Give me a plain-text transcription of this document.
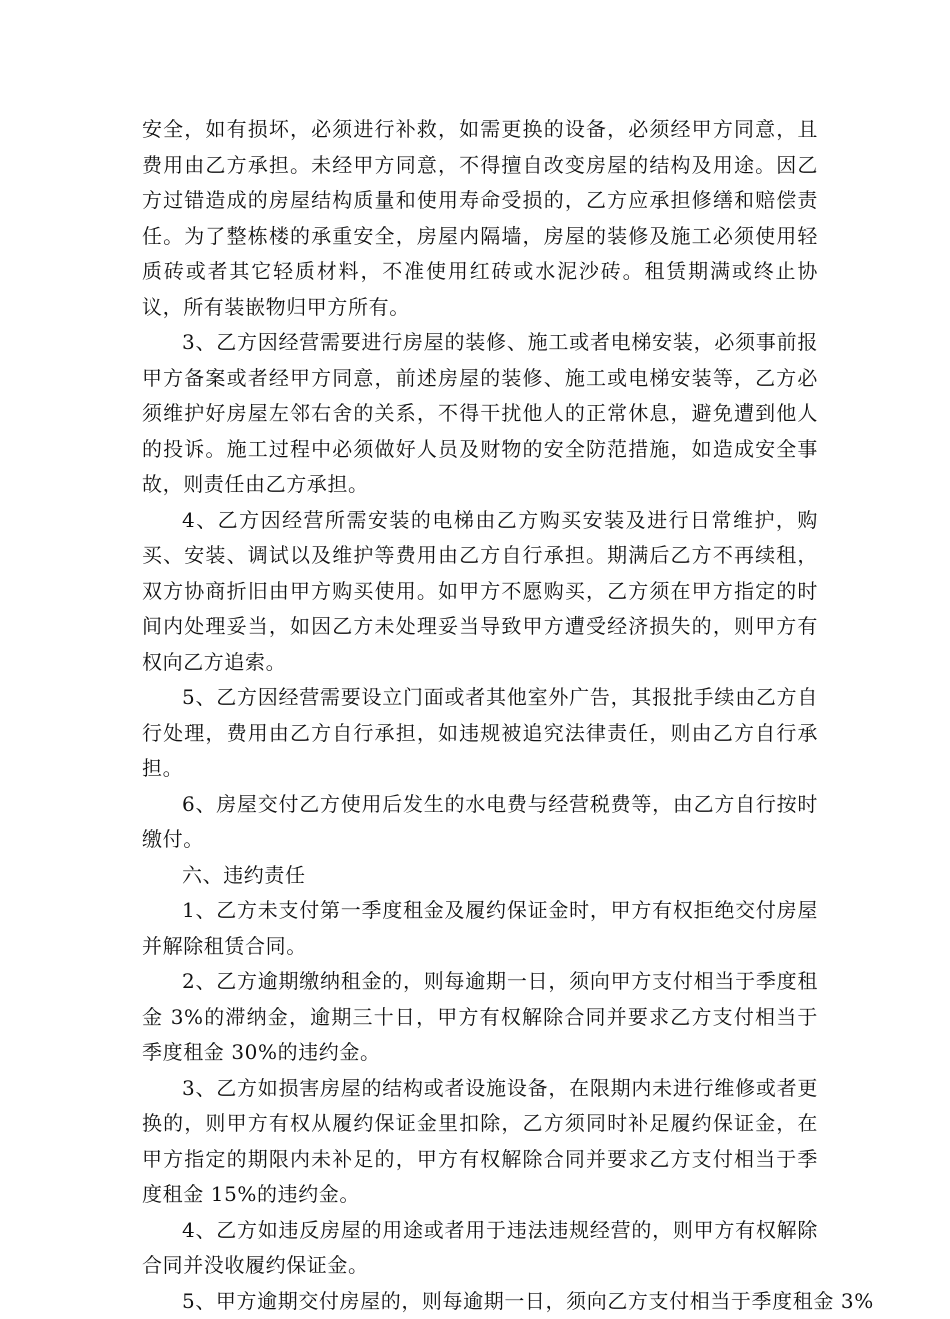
安全，如有损坏，必须进行补救，如需更换的设备，必须经甲方同意，且费用由乙方承担。未经甲方同意，不得擅自改变房屋的结构及用途。因乙方过错造成的房屋结构质量和使用寿命受损的，乙方应承担修缮和赔偿责任。为了整栋楼的承重安全，房屋内隔墙，房屋的装修及施工必须使用轻质砖或者其它轻质材料，不准使用红砖或水泥沙砖。租赁期满或终止协议，所有装嵌物归甲方所有。

3、乙方因经营需要进行房屋的装修、施工或者电梯安装，必须事前报甲方备案或者经甲方同意，前述房屋的装修、施工或电梯安装等，乙方必须维护好房屋左邻右舍的关系，不得干扰他人的正常休息，避免遭到他人的投诉。施工过程中必须做好人员及财物的安全防范措施，如造成安全事故，则责任由乙方承担。

4、乙方因经营所需安装的电梯由乙方购买安装及进行日常维护，购买、安装、调试以及维护等费用由乙方自行承担。期满后乙方不再续租，双方协商折旧由甲方购买使用。如甲方不愿购买，乙方须在甲方指定的时间内处理妥当，如因乙方未处理妥当导致甲方遭受经济损失的，则甲方有权向乙方追索。

5、乙方因经营需要设立门面或者其他室外广告，其报批手续由乙方自行处理，费用由乙方自行承担，如违规被追究法律责任，则由乙方自行承担。

6、房屋交付乙方使用后发生的水电费与经营税费等，由乙方自行按时缴付。

六、违约责任

1、乙方未支付第一季度租金及履约保证金时，甲方有权拒绝交付房屋并解除租赁合同。

2、乙方逾期缴纳租金的，则每逾期一日，须向甲方支付相当于季度租金 3%的滞纳金，逾期三十日，甲方有权解除合同并要求乙方支付相当于季度租金 30%的违约金。

3、乙方如损害房屋的结构或者设施设备，在限期内未进行维修或者更换的，则甲方有权从履约保证金里扣除，乙方须同时补足履约保证金，在甲方指定的期限内未补足的，甲方有权解除合同并要求乙方支付相当于季度租金 15%的违约金。

4、乙方如违反房屋的用途或者用于违法违规经营的，则甲方有权解除合同并没收履约保证金。

5、甲方逾期交付房屋的，则每逾期一日，须向乙方支付相当于季度租金 3%
